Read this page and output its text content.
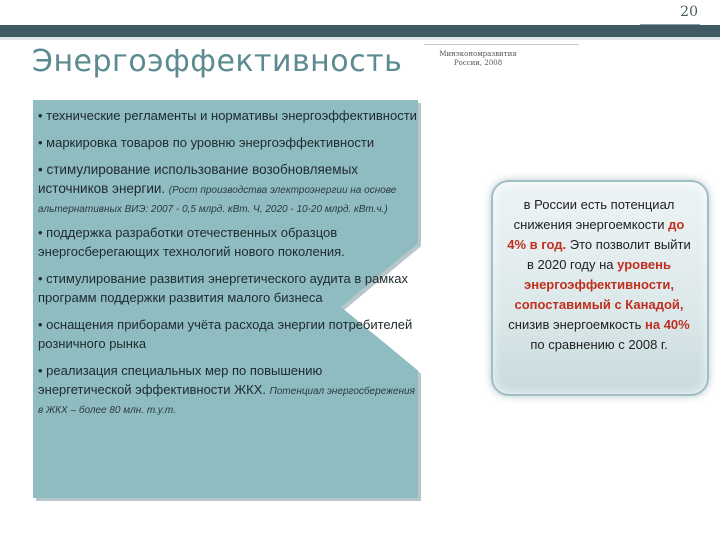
20
Энергоэффективность	Минэкономразвития России, 2008
• технические регламенты и нормативы энергоэффективности
• маркировка товаров по уровню энергоэффективности
• стимулирование использование возобновляемых источников энергии. (Рост производства электроэнергии на основе альтернативных ВИЭ: 2007 - 0,5 млрд. кВт. Ч, 2020 - 10-20 млрд. кВт.ч.)
• поддержка разработки отечественных образцов энергосберегающих технологий нового поколения.
• стимулирование развития энергетического аудита в рамках программ поддержки развития малого бизнеса
• оснащения приборами учёта расхода энергии потребителей розничного рынка
• реализация специальных мер по повышению энергетической эффективности ЖКХ. Потенциал энергосбережения в ЖКХ – более 80 млн. т.у.т.
в России есть потенциал снижения энергоемкости до 4% в год. Это позволит выйти в 2020 году на уровень энергоэффективности, сопоставимый с Канадой, снизив энергоемкость на 40% по сравнению с 2008 г.
